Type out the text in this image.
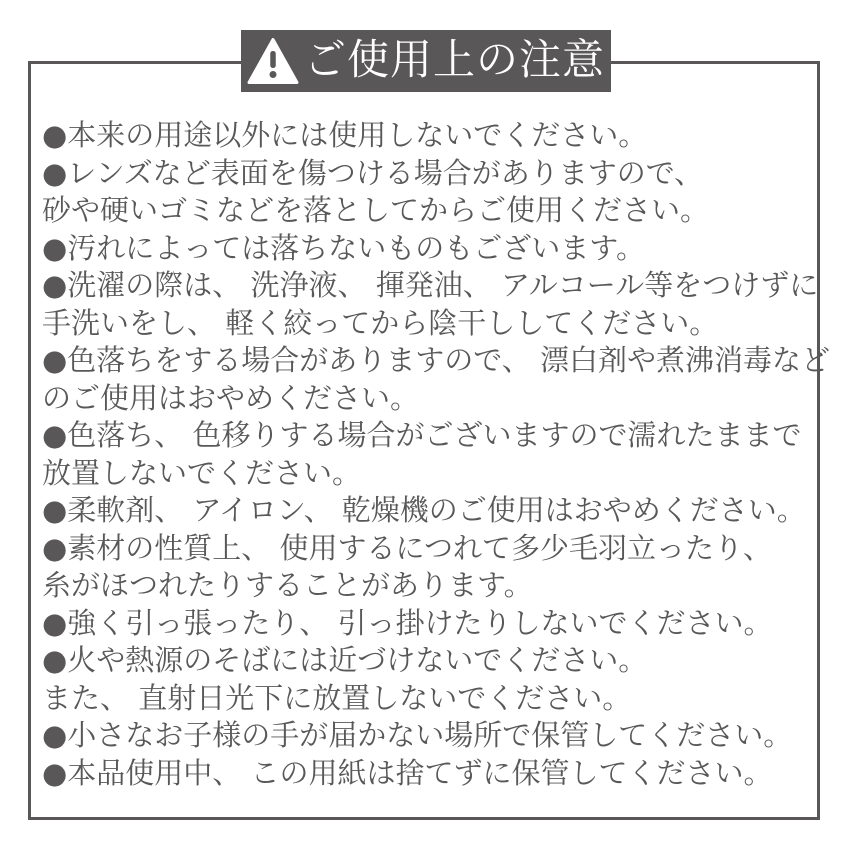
●本来の用途以外には使用しないでください。
●レンズなど表面を傷つける場合がありますので、
砂や硬いゴミなどを落としてからご使用ください。
●汚れによっては落ちないものもございます。
●洗濯の際は、 洗浄液、 揮発油、 アルコール等をつけずに
手洗いをし、 軽く絞ってから陰干ししてください。
●色落ちをする場合がありますので、 漂白剤や煮沸消毒など
のご使用はおやめください。
●色落ち、 色移りする場合がございますので濡れたままで
放置しないでください。
●柔軟剤、 アイロン、 乾燥機のご使用はおやめください。
●素材の性質上、 使用するにつれて多少毛羽立ったり、
糸がほつれたりすることがあります。
●強く引っ張ったり、 引っ掛けたりしないでください。
●火や熱源のそばには近づけないでください。
また、 直射日光下に放置しないでください。
●小さなお子様の手が届かない場所で保管してください。
●本品使用中、 この用紙は捨てずに保管してください。
ご使用上の注意
